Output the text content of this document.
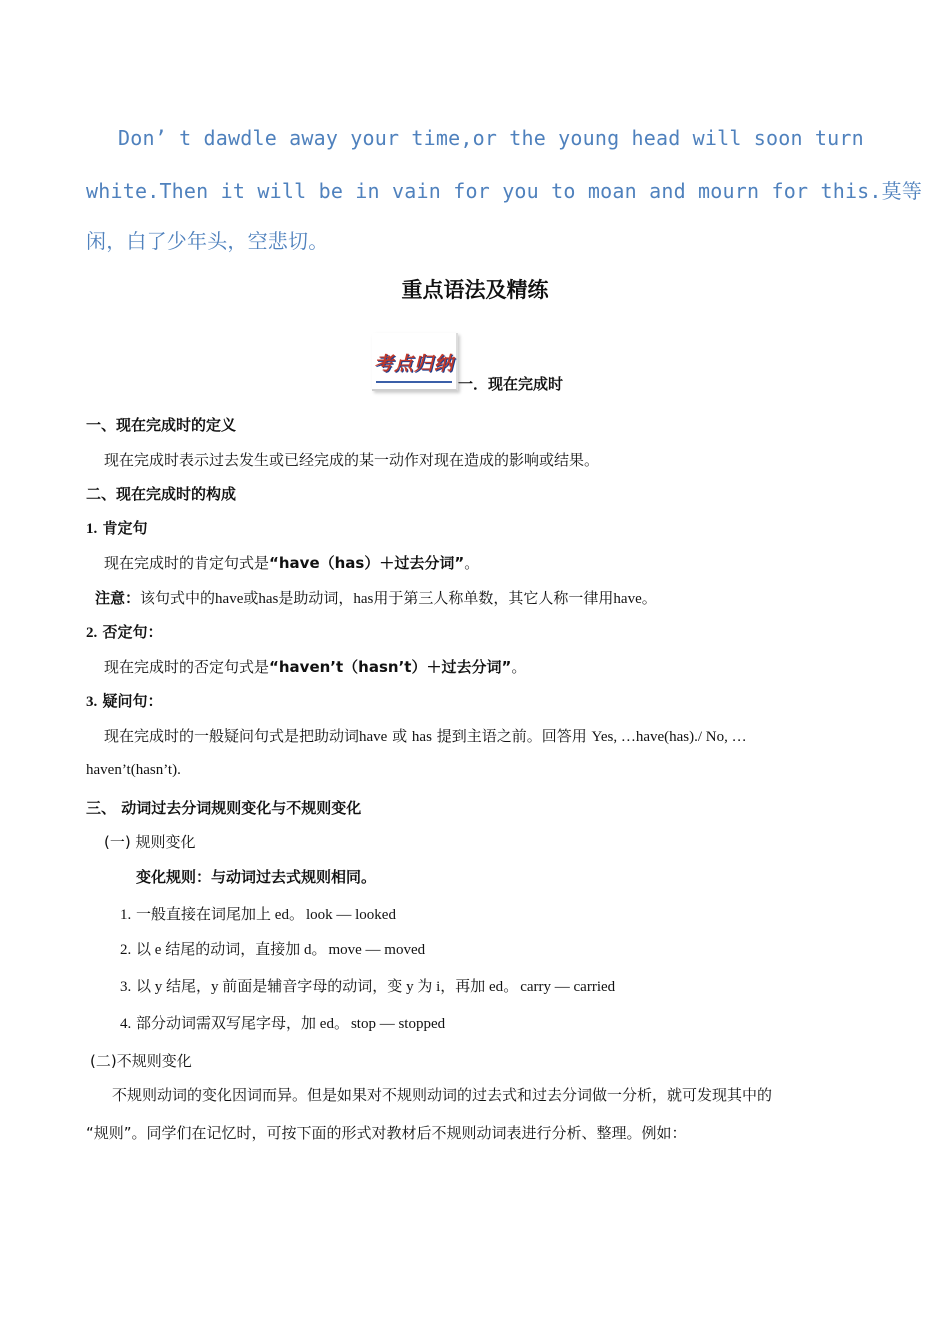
Don’ t dawdle away your time,or the young head will soon turn
white.Then it will be in vain for you to moan and mourn for this.莫等
闲，白了少年头，空悲切。
重点语法及精练
考点归纳
一．现在完成时
一、现在完成时的定义
现在完成时表示过去发生或已经完成的某一动作对现在造成的影响或结果。
二、现在完成时的构成
1. 肯定句
现在完成时的肯定句式是“have（has）＋过去分词”。
注意：该句式中的have或has是助动词，has用于第三人称单数，其它人称一律用have。
2. 否定句：
现在完成时的否定句式是“haven’t（hasn’t）＋过去分词”。
3. 疑问句：
现在完成时的一般疑问句式是把助动词have 或 has 提到主语之前。回答用 Yes, …have(has)./ No, …
haven’t(hasn’t).
三、 动词过去分词规则变化与不规则变化
(一) 规则变化
变化规则：与动词过去式规则相同。
1. 一般直接在词尾加上 ed。 look — looked
2. 以 e 结尾的动词，直接加 d。 move — moved
3. 以 y 结尾，y 前面是辅音字母的动词，变 y 为 i，再加 ed。 carry — carried
4. 部分动词需双写尾字母，加 ed。 stop — stopped
(二)不规则变化
不规则动词的变化因词而异。但是如果对不规则动词的过去式和过去分词做一分析，就可发现其中的
“规则”。同学们在记忆时，可按下面的形式对教材后不规则动词表进行分析、整理。例如：
